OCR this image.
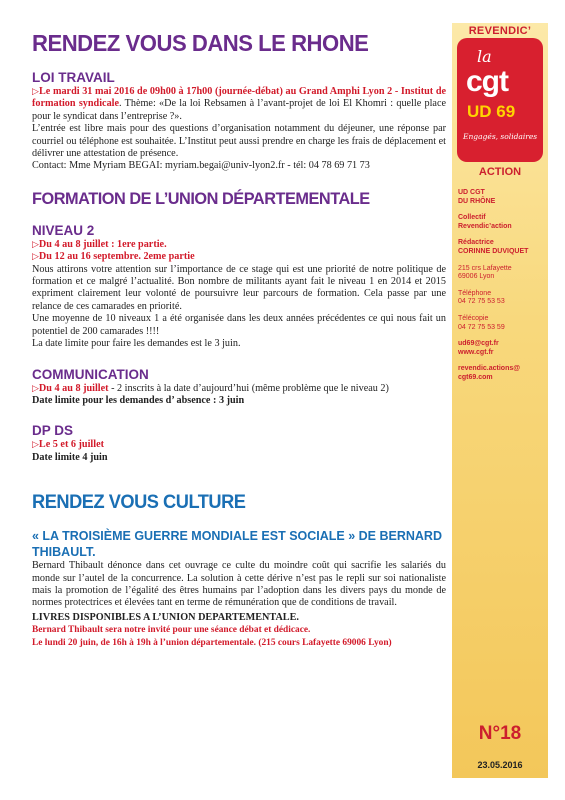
RENDEZ VOUS DANS LE RHONE
LOI TRAVAIL

▷Le mardi 31 mai 2016 de 09h00 à 17h00 (journée-débat) au Grand Amphi Lyon 2 - Institut de formation syndicale. Thème: «De la loi Rebsamen à l’avant-projet de loi El Khomri : quelle place pour le syndicat dans l’entreprise ?».

L’entrée est libre mais pour des questions d’organisation notamment du déjeuner, une réponse par courriel ou téléphone est souhaitée. L’Institut peut aussi prendre en charge les frais de déplacement et délivrer une attestation de présence.

Contact: Mme Myriam BEGAI: myriam.begai@univ-lyon2.fr - tél: 04 78 69 71 73

FORMATION DE L’UNION DÉPARTEMENTALE
NIVEAU 2

▷Du 4 au 8 juillet : 1ere partie.

▷Du 12 au 16 septembre. 2eme partie

Nous attirons votre attention sur l’importance de ce stage qui est une priorité de notre politique de formation et ce malgré l’actualité. Bon nombre de militants ayant fait le niveau 1 en 2014 et 2015 expriment clairement leur volonté de poursuivre leur parcours de formation. Cela passe par une relance de ces camarades en priorité.

Une moyenne de 10 niveaux 1 a été organisée dans les deux années précédentes ce qui nous fait un potentiel de 200 camarades !!!!

La date limite pour faire les demandes est le 3 juin.

COMMUNICATION

▷Du 4 au 8 juillet - 2 inscrits à la date d’aujourd’hui (même problème que le niveau 2)

Date limite pour les demandes d’ absence : 3 juin

DP DS

▷Le 5 et 6 juillet

Date limite 4 juin

RENDEZ VOUS CULTURE
« LA TROISIÈME GUERRE MONDIALE EST SOCIALE » DE BERNARD THIBAULT.

Bernard Thibault dénonce dans cet ouvrage ce culte du moindre coût qui sacrifie les salariés du monde sur l’autel de la concurrence. La solution à cette dérive n’est pas le repli sur soi nationaliste mais la promotion de l’égalité des êtres humains par l’adoption dans les divers pays du monde de normes protectrices et élevées tant en terme de rémunération que de conditions de travail.

LIVRES DISPONIBLES A L’UNION DEPARTEMENTALE.

Bernard Thibault sera notre invité pour une séance débat et dédicace.

Le lundi 20 juin, de 16h à 19h à l’union départementale. (215 cours Lafayette 69006 Lyon)

REVENDIC’
la
cgt
UD 69
Engagés, solidaires
ACTION
UD CGT
DU RHÔNE
Collectif
Revendic’action
Rédactrice
CORINNE DUVIQUET
215 crs Lafayette
69006 Lyon
Téléphone
04 72 75 53 53
Télécopie
04 72 75 53 59
ud69@cgt.fr
www.cgt.fr
revendic.actions@
cgt69.com
N°18
23.05.2016
